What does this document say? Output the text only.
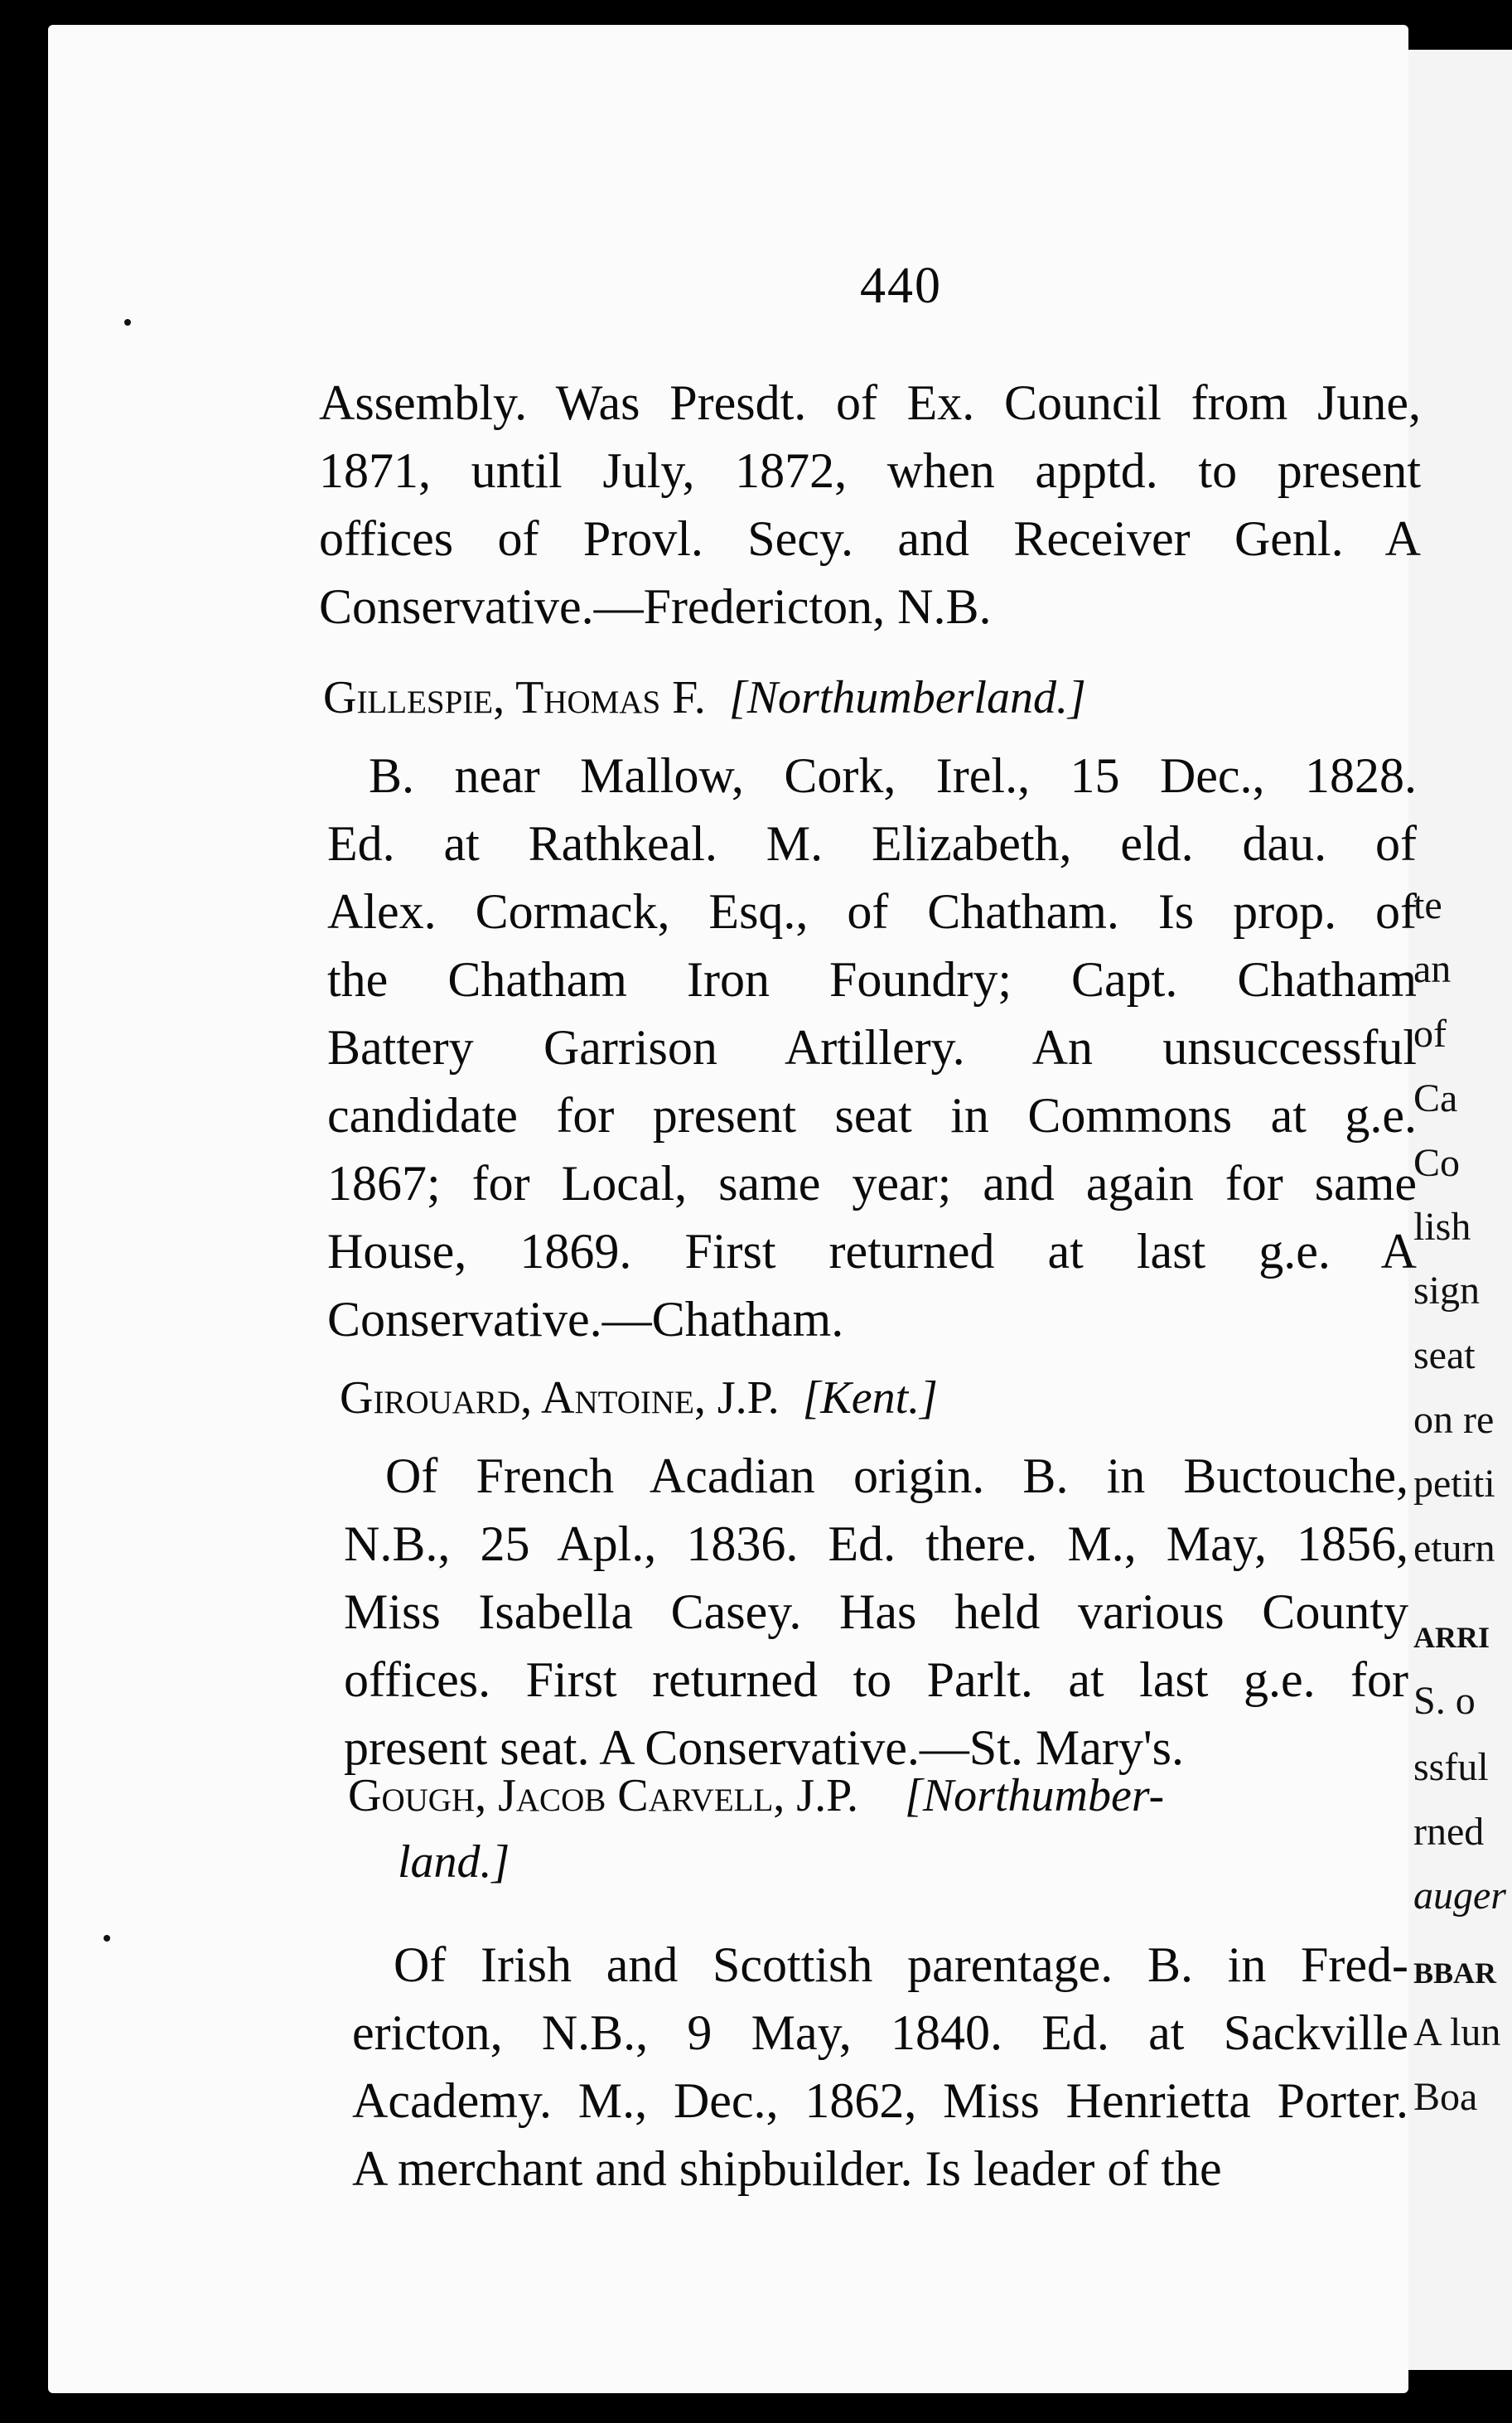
te
an
of
Ca
Co
lish
sign
seat
on re
petiti
eturn
ARRI
S. o
ssful
rned
auger
BBAR
A lun
Boa
440
Assembly. Was Presdt. of Ex. Council from June,
1871, until July, 1872, when apptd. to present
offices of Provl. Secy. and Receiver Genl. A
Conservative.—Fredericton, N.B.
Gillespie, Thomas F. [Northumberland.]
B. near Mallow, Cork, Irel., 15 Dec., 1828.
Ed. at Rathkeal. M. Elizabeth, eld. dau. of
Alex. Cormack, Esq., of Chatham. Is prop. of
the Chatham Iron Foundry; Capt. Chatham
Battery Garrison Artillery. An unsuccessful
candidate for present seat in Commons at g.e.
1867; for Local, same year; and again for same
House, 1869. First returned at last g.e. A
Conservative.—Chatham.
Girouard, Antoine, J.P. [Kent.]
Of French Acadian origin. B. in Buctouche,
N.B., 25 Apl., 1836. Ed. there. M., May, 1856,
Miss Isabella Casey. Has held various County
offices. First returned to Parlt. at last g.e. for
present seat. A Conservative.—St. Mary's.
Gough, Jacob Carvell, J.P. [Northumber-
land.]
Of Irish and Scottish parentage. B. in Fred-
ericton, N.B., 9 May, 1840. Ed. at Sackville
Academy. M., Dec., 1862, Miss Henrietta Porter.
A merchant and shipbuilder. Is leader of the
